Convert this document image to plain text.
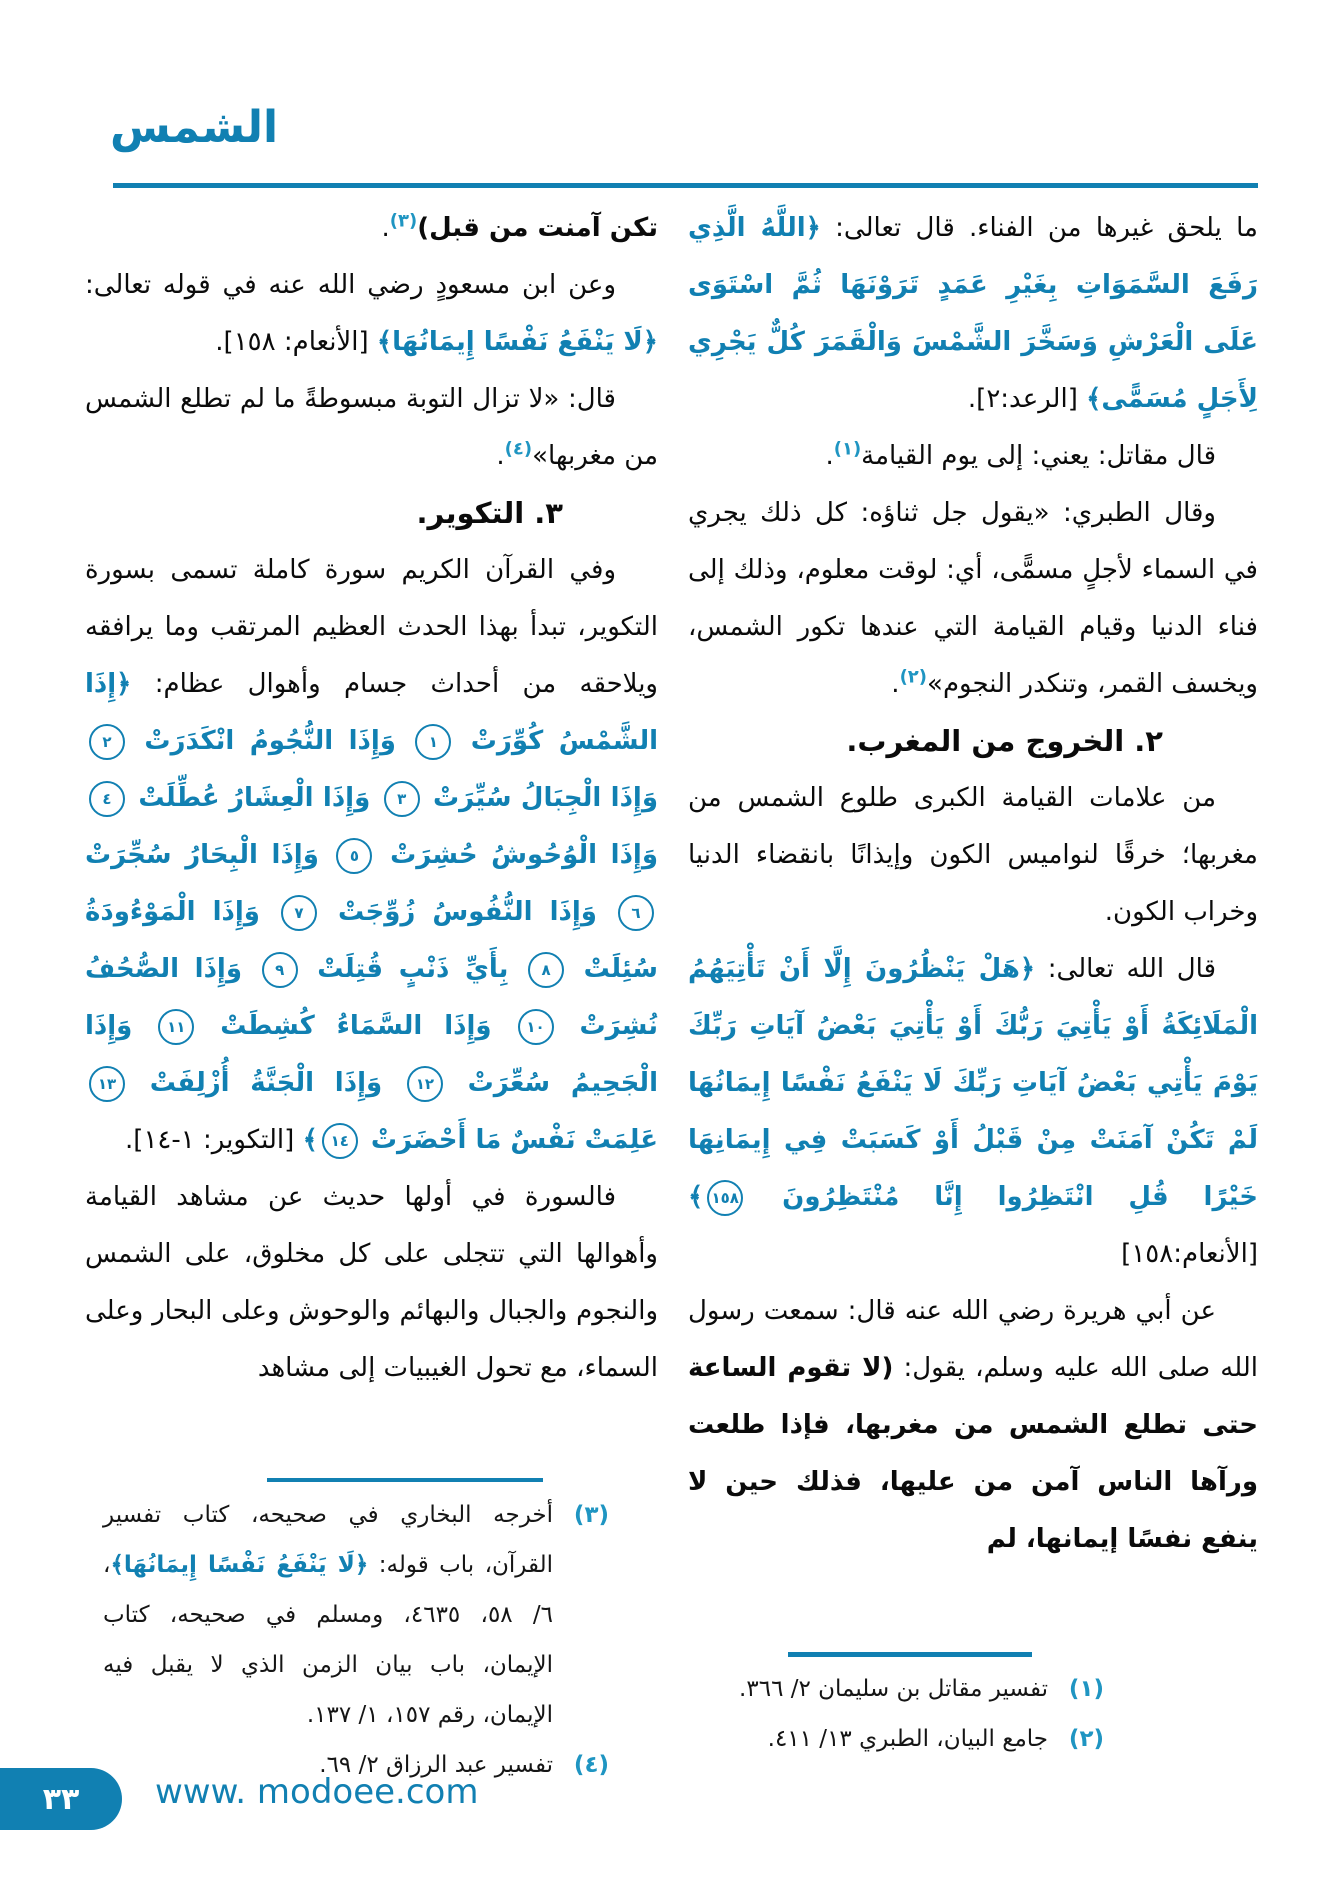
الشمس

ما يلحق غيرها من الفناء. قال تعالى: ﴿اللَّهُ الَّذِي رَفَعَ السَّمَوَاتِ بِغَيْرِ عَمَدٍ تَرَوْنَهَا ثُمَّ اسْتَوَى عَلَى الْعَرْشِ وَسَخَّرَ الشَّمْسَ وَالْقَمَرَ كُلٌّ يَجْرِي لِأَجَلٍ مُسَمًّى﴾ [الرعد:٢].

قال مقاتل: يعني: إلى يوم القيامة$^{(١)}$.

وقال الطبري: «يقول جل ثناؤه: كل ذلك يجري في السماء لأجلٍ مسمًّى، أي: لوقت معلوم، وذلك إلى فناء الدنيا وقيام القيامة التي عندها تكور الشمس، ويخسف القمر، وتنكدر النجوم»$^{(٢)}$.

٢. الخروج من المغرب.

من علامات القيامة الكبرى طلوع الشمس من مغربها؛ خرقًا لنواميس الكون وإيذانًا بانقضاء الدنيا وخراب الكون.

قال الله تعالى: ﴿هَلْ يَنْظُرُونَ إِلَّا أَنْ تَأْتِيَهُمُ الْمَلَائِكَةُ أَوْ يَأْتِيَ رَبُّكَ أَوْ يَأْتِيَ بَعْضُ آيَاتِ رَبِّكَ يَوْمَ يَأْتِي بَعْضُ آيَاتِ رَبِّكَ لَا يَنْفَعُ نَفْسًا إِيمَانُهَا لَمْ تَكُنْ آمَنَتْ مِنْ قَبْلُ أَوْ كَسَبَتْ فِي إِيمَانِهَا خَيْرًا قُلِ انْتَظِرُوا إِنَّا مُنْتَظِرُونَ ١٥٨﴾ [الأنعام:١٥٨]

عن أبي هريرة رضي الله عنه قال: سمعت رسول الله صلى الله عليه وسلم، يقول: (لا تقوم الساعة حتى تطلع الشمس من مغربها، فإذا طلعت ورآها الناس آمن من عليها، فذلك حين لا ينفع نفسًا إيمانها، لم

تكن آمنت من قبل)$^{(٣)}$.

وعن ابن مسعودٍ رضي الله عنه في قوله تعالى: ﴿لَا يَنْفَعُ نَفْسًا إِيمَانُهَا﴾ [الأنعام: ١٥٨].

قال: «لا تزال التوبة مبسوطةً ما لم تطلع الشمس من مغربها»$^{(٤)}$.

٣. التكوير.

وفي القرآن الكريم سورة كاملة تسمى بسورة التكوير، تبدأ بهذا الحدث العظيم المرتقب وما يرافقه ويلاحقه من أحداث جسام وأهوال عظام: ﴿إِذَا الشَّمْسُ كُوِّرَتْ ١ وَإِذَا النُّجُومُ انْكَدَرَتْ ٢ وَإِذَا الْجِبَالُ سُيِّرَتْ ٣ وَإِذَا الْعِشَارُ عُطِّلَتْ ٤ وَإِذَا الْوُحُوشُ حُشِرَتْ ٥ وَإِذَا الْبِحَارُ سُجِّرَتْ ٦ وَإِذَا النُّفُوسُ زُوِّجَتْ ٧ وَإِذَا الْمَوْءُودَةُ سُئِلَتْ ٨ بِأَيِّ ذَنْبٍ قُتِلَتْ ٩ وَإِذَا الصُّحُفُ نُشِرَتْ ١٠ وَإِذَا السَّمَاءُ كُشِطَتْ ١١ وَإِذَا الْجَحِيمُ سُعِّرَتْ ١٢ وَإِذَا الْجَنَّةُ أُزْلِفَتْ ١٣ عَلِمَتْ نَفْسٌ مَا أَحْضَرَتْ ١٤﴾ [التكوير: ١-١٤].

فالسورة في أولها حديث عن مشاهد القيامة وأهوالها التي تتجلى على كل مخلوق، على الشمس والنجوم والجبال والبهائم والوحوش وعلى البحار وعلى السماء، مع تحول الغيبيات إلى مشاهد

(١)
تفسير مقاتل بن سليمان ٢/ ٣٦٦.
(٢)
جامع البيان، الطبري ١٣/ ٤١١.
(٣)
أخرجه البخاري في صحيحه، كتاب تفسير القرآن، باب قوله: ﴿لَا يَنْفَعُ نَفْسًا إِيمَانُهَا﴾، ٦/ ٥٨، ٤٦٣٥، ومسلم في صحيحه، كتاب الإيمان، باب بيان الزمن الذي لا يقبل فيه الإيمان، رقم ١٥٧، ١/ ١٣٧.
(٤)
تفسير عبد الرزاق ٢/ ٦٩.
٣٣ www. modoee.com
